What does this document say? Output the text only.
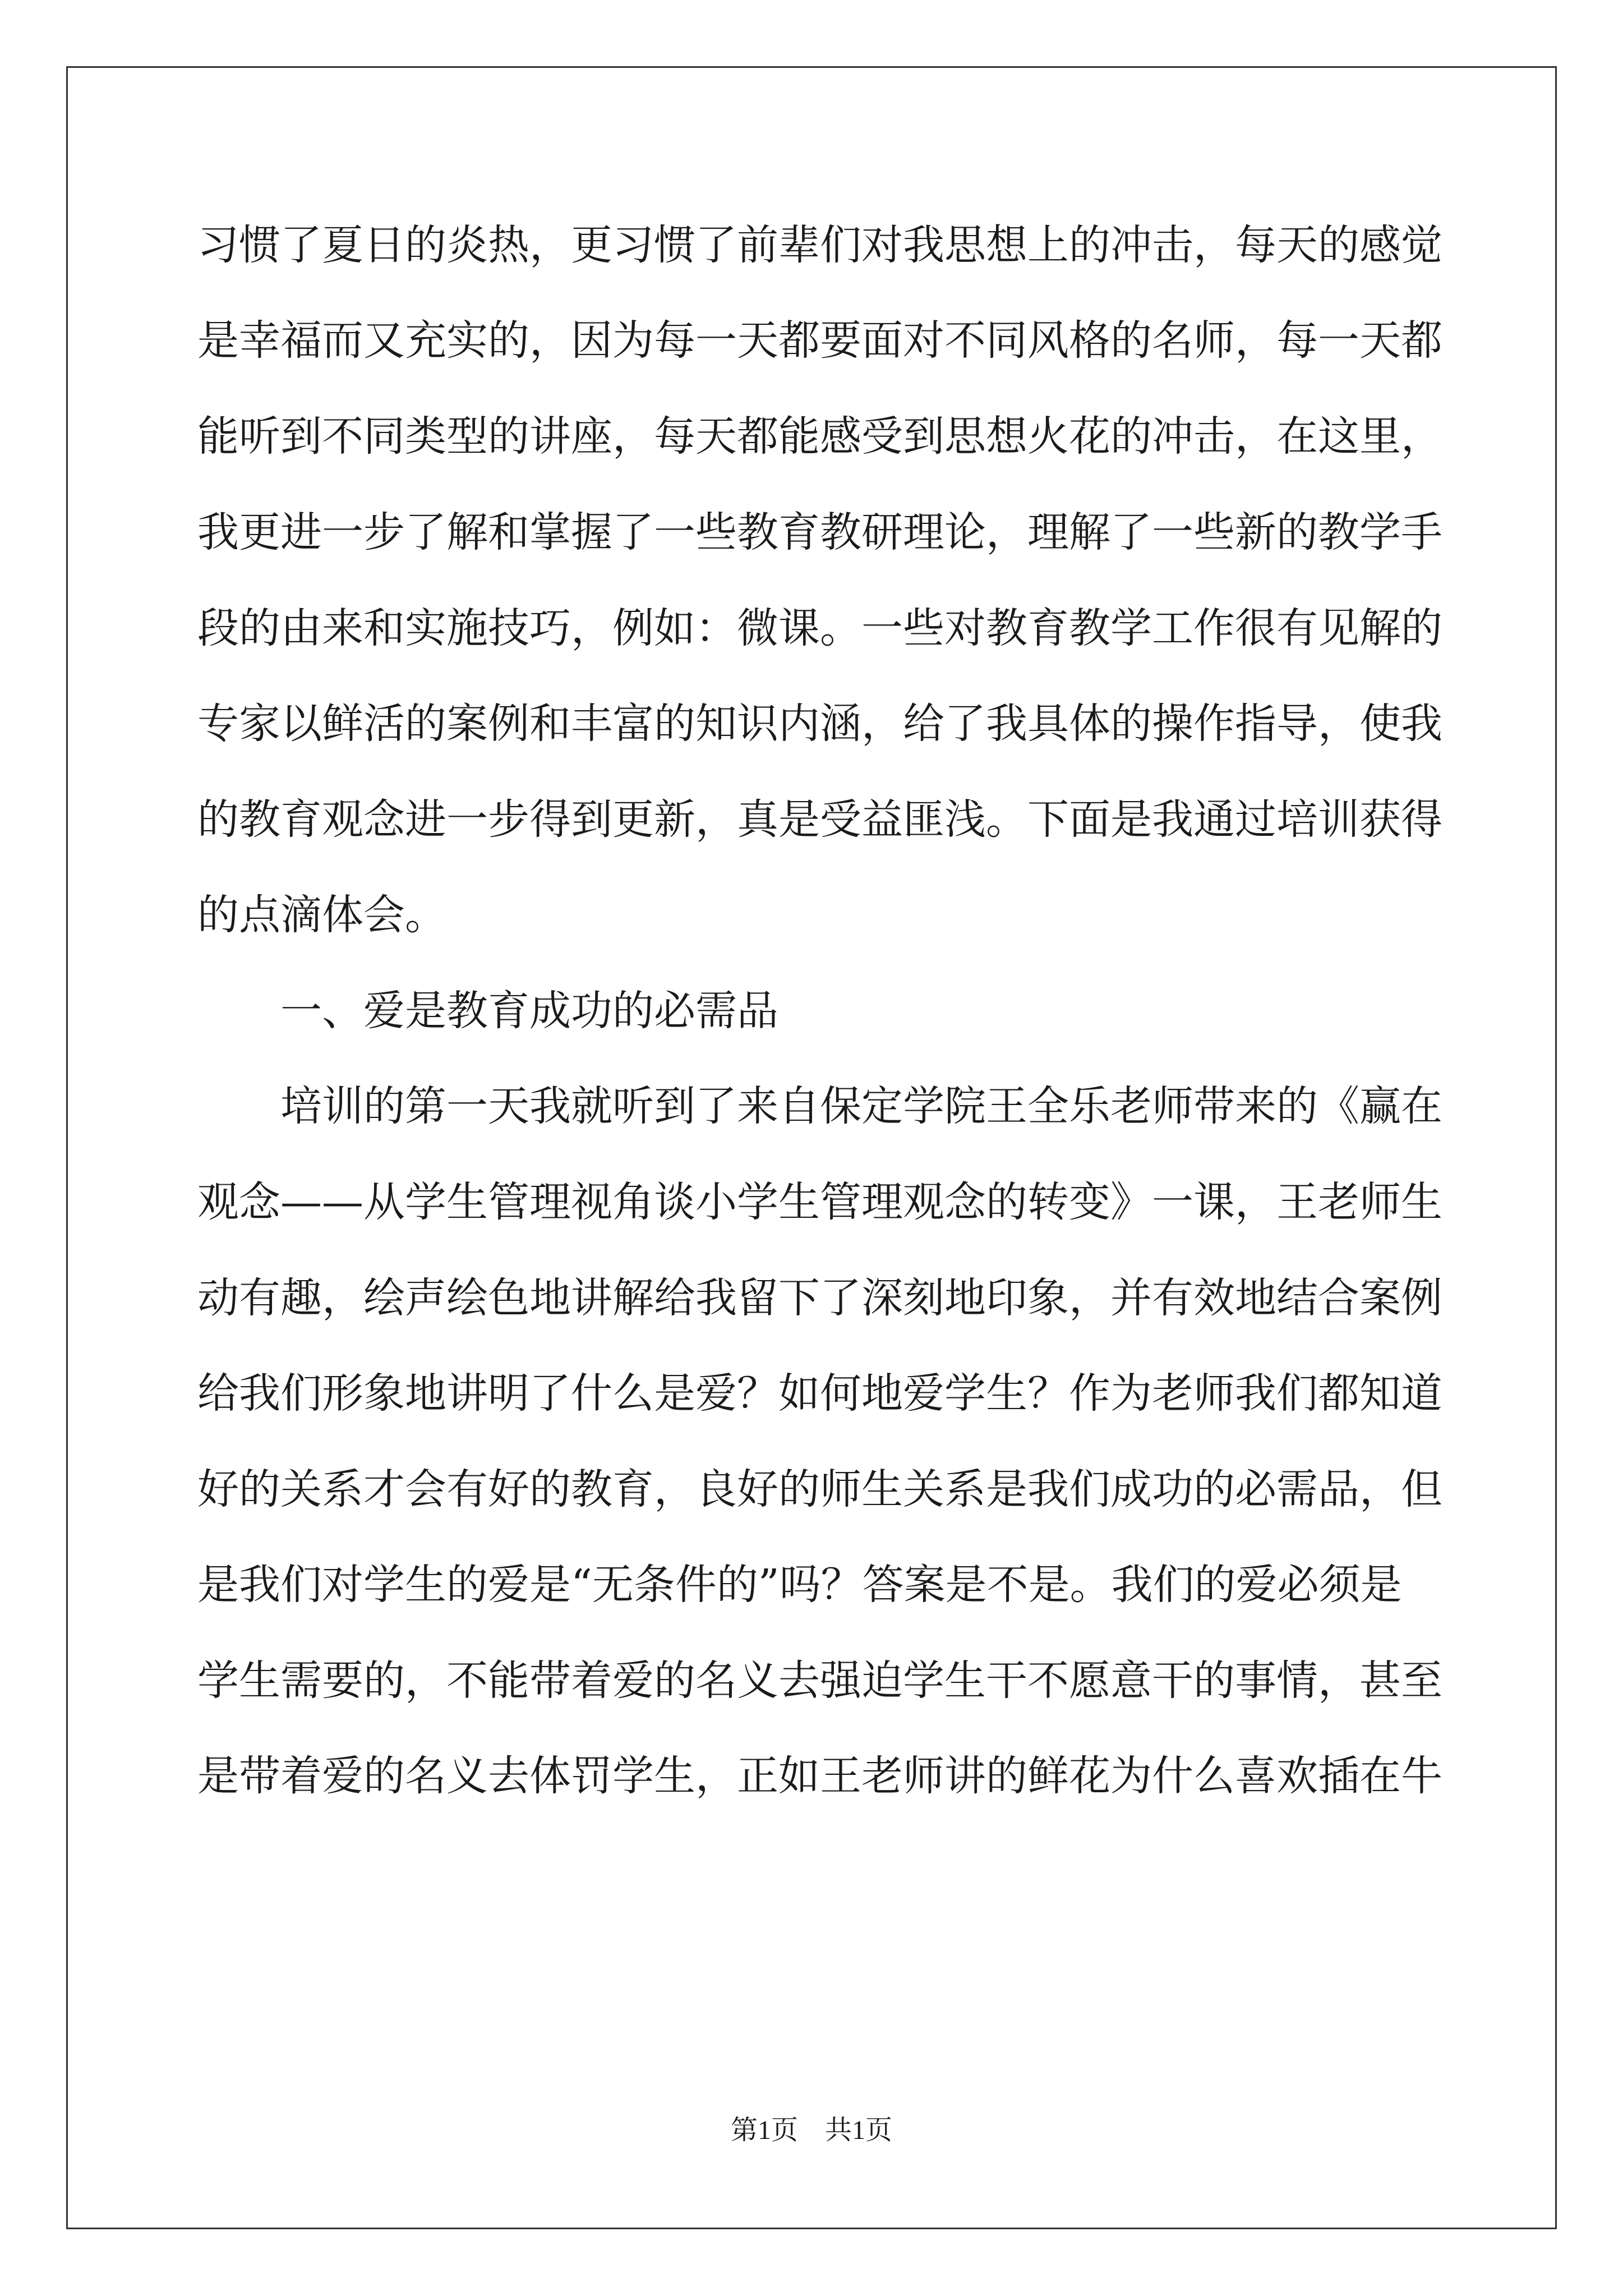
习惯了夏日的炎热，更习惯了前辈们对我思想上的冲击，每天的感觉
是幸福而又充实的，因为每一天都要面对不同风格的名师，每一天都
能听到不同类型的讲座，每天都能感受到思想火花的冲击，在这里，
我更进一步了解和掌握了一些教育教研理论，理解了一些新的教学手
段的由来和实施技巧，例如：微课。一些对教育教学工作很有见解的
专家以鲜活的案例和丰富的知识内涵，给了我具体的操作指导，使我
的教育观念进一步得到更新，真是受益匪浅。下面是我通过培训获得
的点滴体会。
一、爱是教育成功的必需品
培训的第一天我就听到了来自保定学院王全乐老师带来的《赢在
观念——从学生管理视角谈小学生管理观念的转变》一课，王老师生
动有趣，绘声绘色地讲解给我留下了深刻地印象，并有效地结合案例
给我们形象地讲明了什么是爱？如何地爱学生？作为老师我们都知道
好的关系才会有好的教育，良好的师生关系是我们成功的必需品，但
是我们对学生的爱是“无条件的”吗？答案是不是。我们的爱必须是
学生需要的，不能带着爱的名义去强迫学生干不愿意干的事情，甚至
是带着爱的名义去体罚学生，正如王老师讲的鲜花为什么喜欢插在牛
第1页 共1页
